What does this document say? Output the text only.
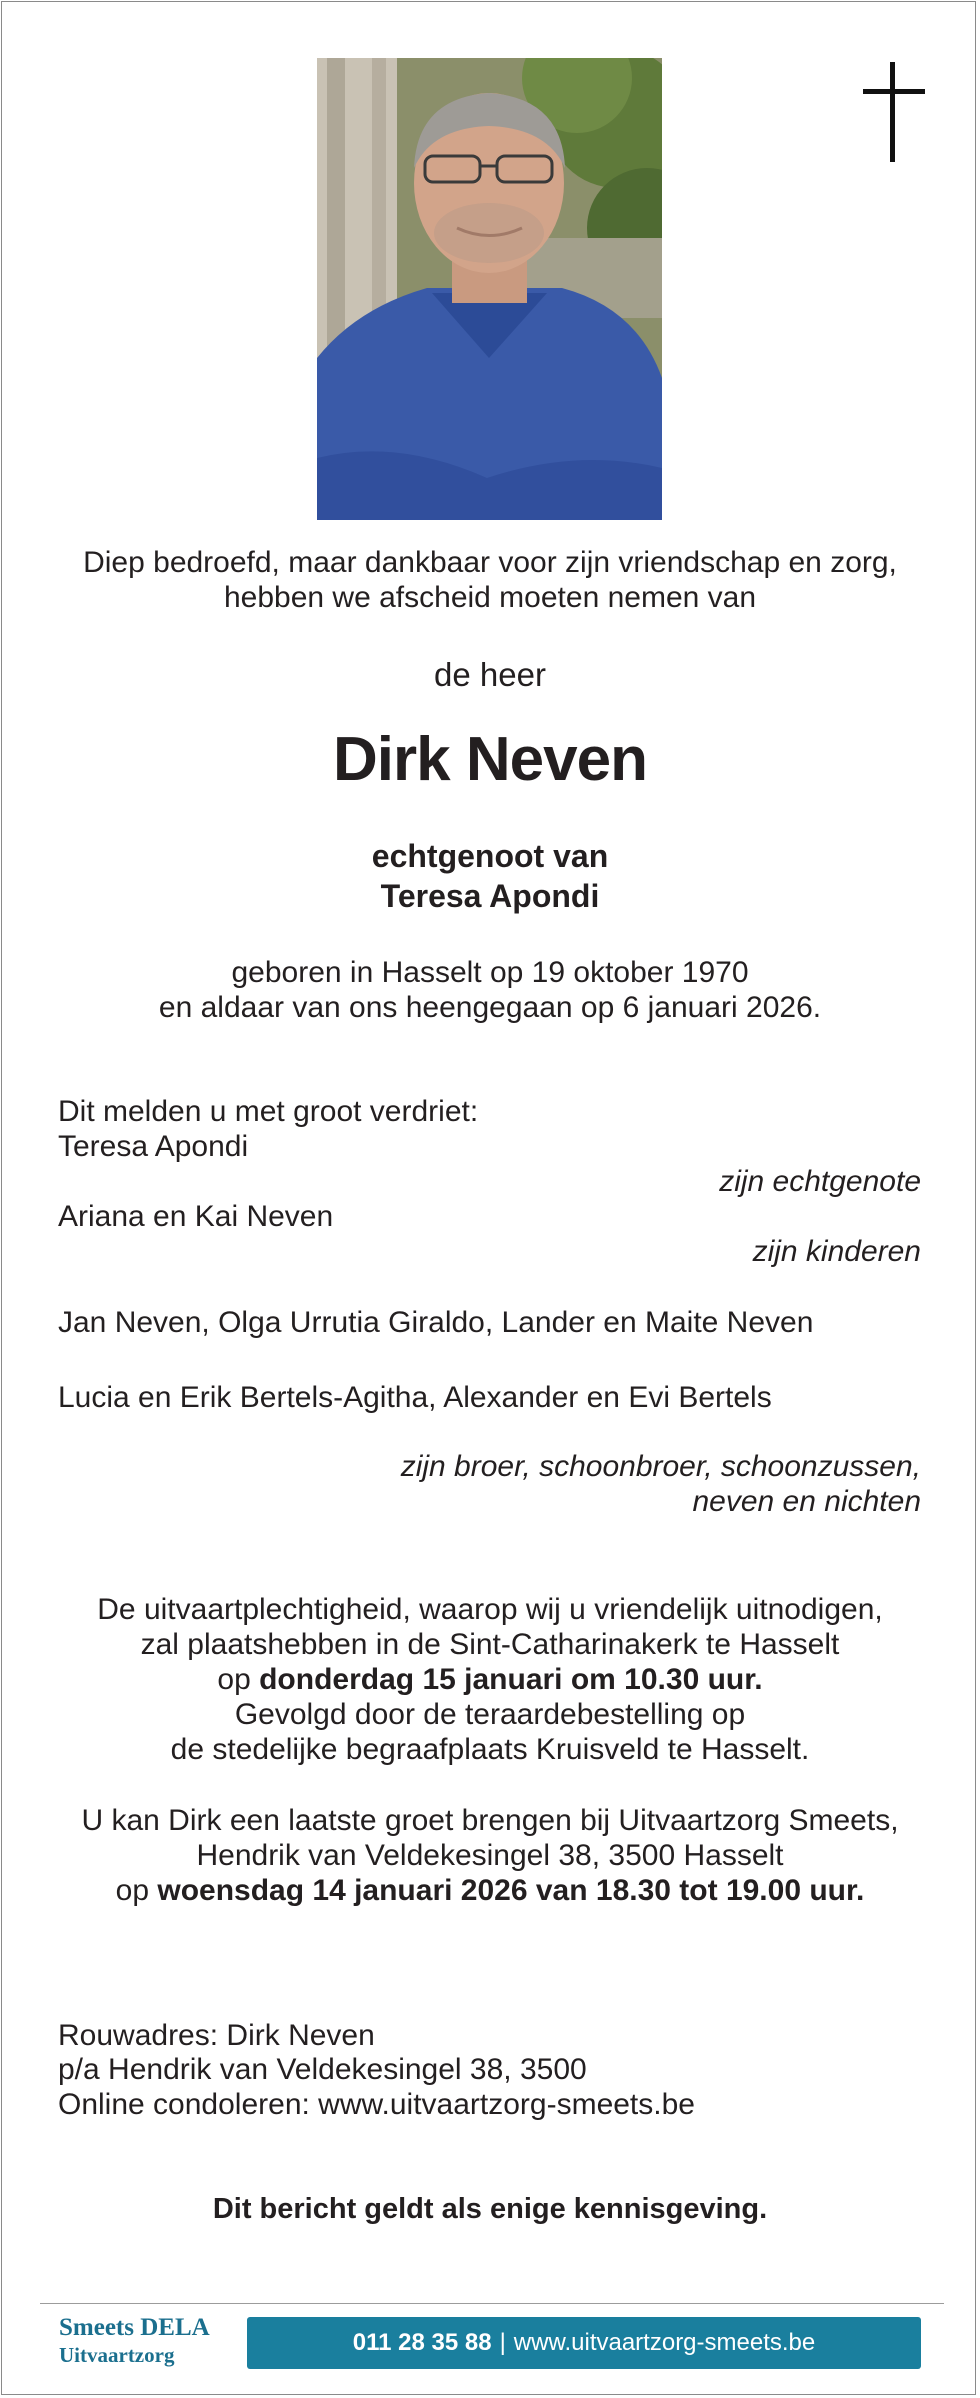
Diep bedroefd, maar dankbaar voor zijn vriendschap en zorg,
hebben we afscheid moeten nemen van
de heer
Dirk Neven
echtgenoot van
Teresa Apondi
geboren in Hasselt op 19 oktober 1970
en aldaar van ons heengegaan op 6 januari 2026.
Dit melden u met groot verdriet:
Teresa Apondi
zijn echtgenote
Ariana en Kai Neven
zijn kinderen
Jan Neven, Olga Urrutia Giraldo, Lander en Maite Neven
Lucia en Erik Bertels-Agitha, Alexander en Evi Bertels
zijn broer, schoonbroer, schoonzussen,
neven en nichten
De uitvaartplechtigheid, waarop wij u vriendelijk uitnodigen,
zal plaatshebben in de Sint-Catharinakerk te Hasselt
op donderdag 15 januari om 10.30 uur.
Gevolgd door de teraardebestelling op
de stedelijke begraafplaats Kruisveld te Hasselt.
U kan Dirk een laatste groet brengen bij Uitvaartzorg Smeets,
Hendrik van Veldekesingel 38, 3500 Hasselt
op woensdag 14 januari 2026 van 18.30 tot 19.00 uur.
Rouwadres: Dirk Neven
p/a Hendrik van Veldekesingel 38, 3500
Online condoleren: www.uitvaartzorg-smeets.be
Dit bericht geldt als enige kennisgeving.
Smeets DELA
Uitvaartzorg	011 28 35 88 | www.uitvaartzorg-smeets.be
